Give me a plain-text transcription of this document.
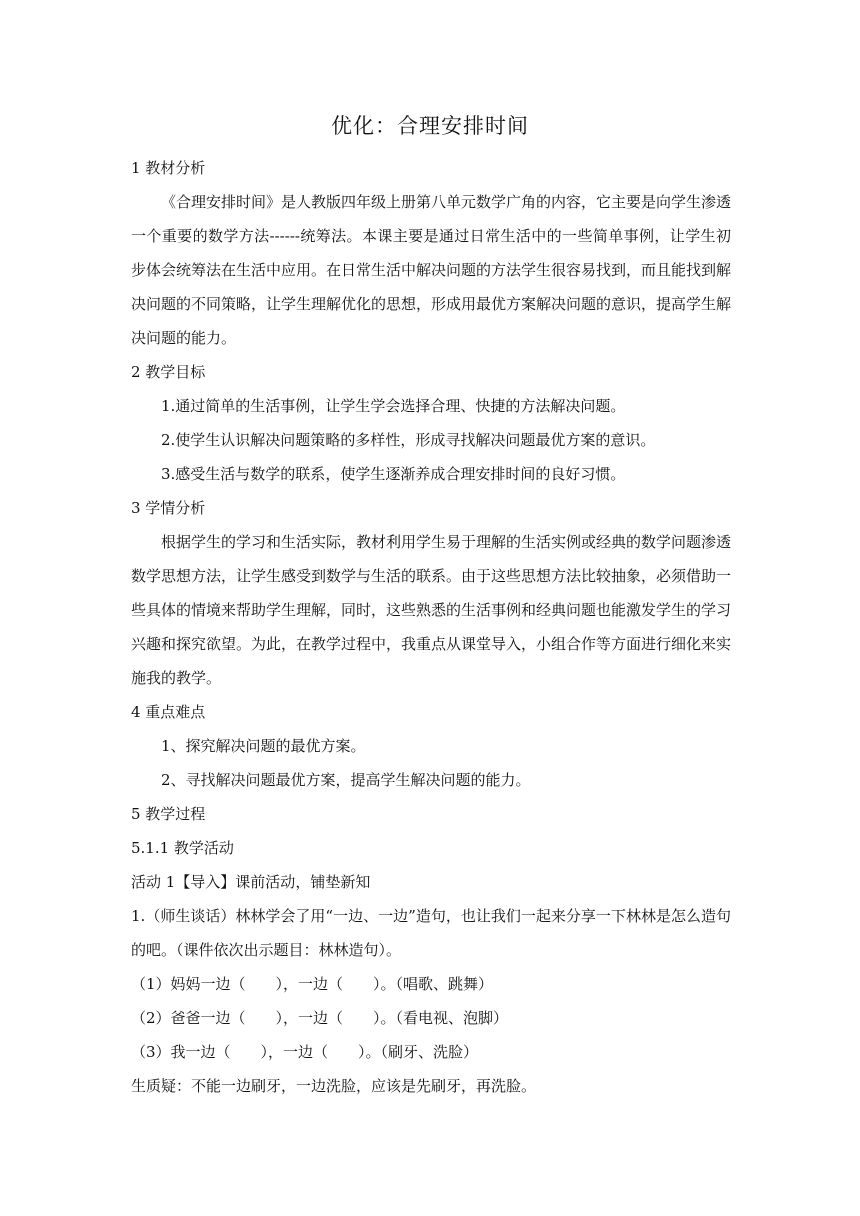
优化：合理安排时间
1 教材分析
《合理安排时间》是人教版四年级上册第八单元数学广角的内容，它主要是向学生渗透一个重要的数学方法------统筹法。本课主要是通过日常生活中的一些简单事例，让学生初步体会统筹法在生活中应用。在日常生活中解决问题的方法学生很容易找到，而且能找到解决问题的不同策略，让学生理解优化的思想，形成用最优方案解决问题的意识，提高学生解决问题的能力。
2 教学目标
1.通过简单的生活事例，让学生学会选择合理、快捷的方法解决问题。
2.使学生认识解决问题策略的多样性，形成寻找解决问题最优方案的意识。
3.感受生活与数学的联系，使学生逐渐养成合理安排时间的良好习惯。
3 学情分析
根据学生的学习和生活实际，教材利用学生易于理解的生活实例或经典的数学问题渗透数学思想方法，让学生感受到数学与生活的联系。由于这些思想方法比较抽象，必须借助一些具体的情境来帮助学生理解，同时，这些熟悉的生活事例和经典问题也能激发学生的学习兴趣和探究欲望。为此，在教学过程中，我重点从课堂导入，小组合作等方面进行细化来实施我的教学。
4 重点难点
1、探究解决问题的最优方案。
2、寻找解决问题最优方案，提高学生解决问题的能力。
5 教学过程
5.1.1 教学活动
活动 1【导入】课前活动，铺垫新知
1.（师生谈话）林林学会了用“一边、一边”造句，也让我们一起来分享一下林林是怎么造句的吧。（课件依次出示题目：林林造句）。
（1）妈妈一边（　　），一边（　　）。（唱歌、跳舞）
（2）爸爸一边（　　），一边（　　）。（看电视、泡脚）
（3）我一边（　　），一边（　　）。（刷牙、洗脸）
生质疑：不能一边刷牙，一边洗脸，应该是先刷牙，再洗脸。
